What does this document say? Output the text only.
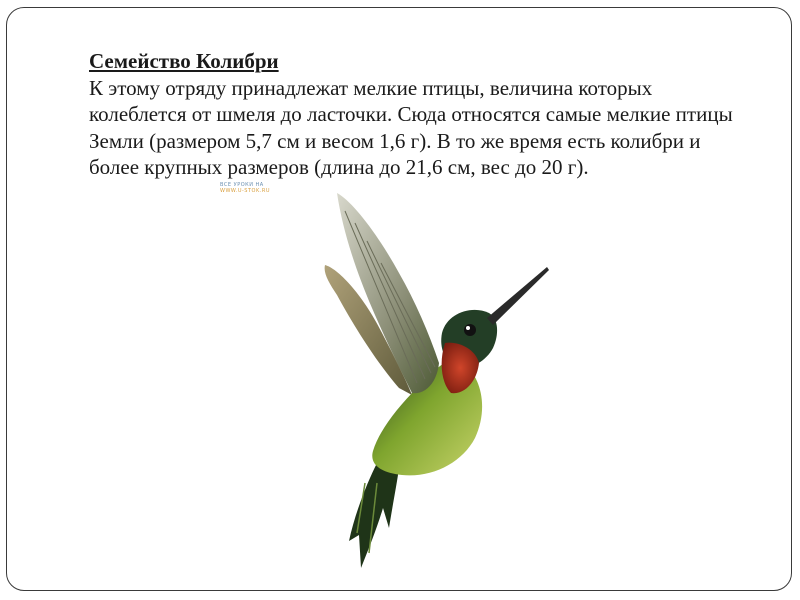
Семейство Колибри
К этому отряду принадлежат мелкие птицы, величина которых колеблется от шмеля до ласточки. Сюда относятся самые мелкие птицы Земли (размером 5,7 см и весом 1,6 г). В то же время есть колибри и более крупных размеров (длина до 21,6 см, вес до 20 г).
ВСЕ УРОКИ НА
WWW.U-STOK.RU
